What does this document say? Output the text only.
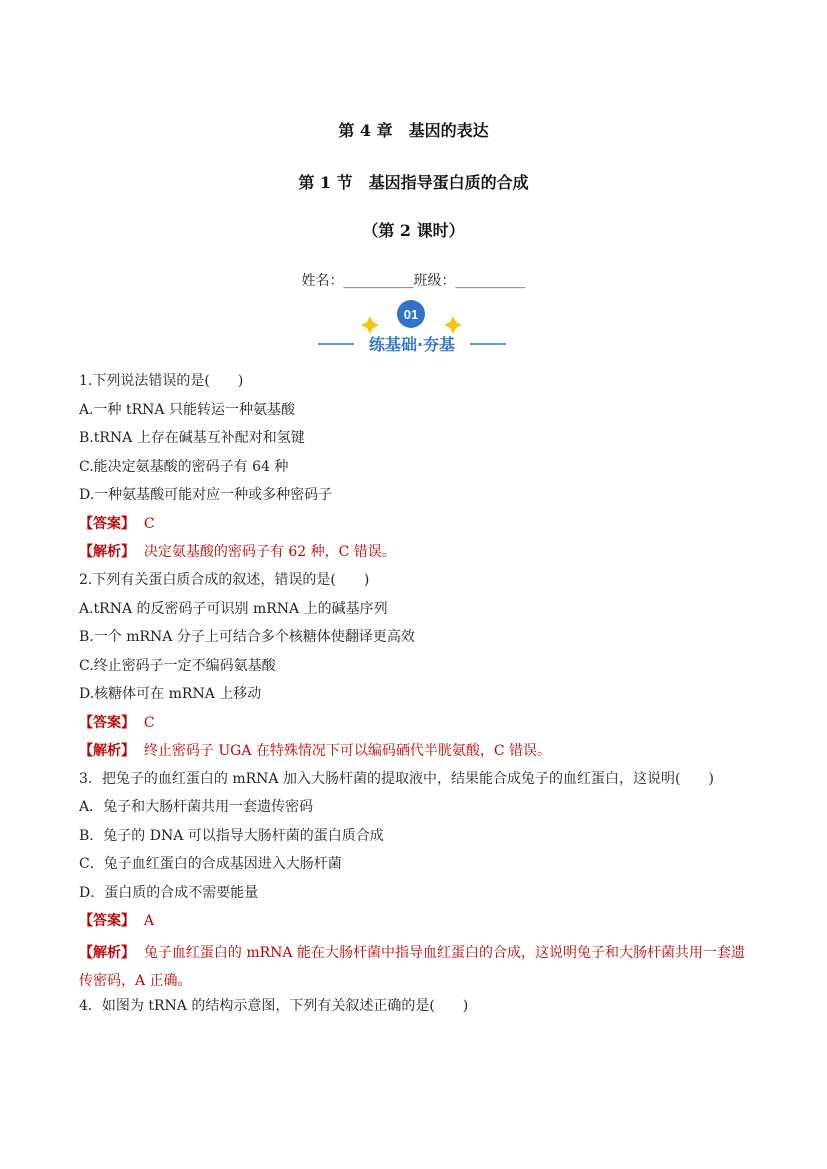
第 4 章　基因的表达
第 1 节　基因指导蛋白质的合成
（第 2 课时）
姓名：__________班级：__________
01
练基础·夯基
1.下列说法错误的是(　　)
A.一种 tRNA 只能转运一种氨基酸
B.tRNA 上存在碱基互补配对和氢键
C.能决定氨基酸的密码子有 64 种
D.一种氨基酸可能对应一种或多种密码子
【答案】 C
【解析】 决定氨基酸的密码子有 62 种，C 错误。
2.下列有关蛋白质合成的叙述，错误的是(　　)
A.tRNA 的反密码子可识别 mRNA 上的碱基序列
B.一个 mRNA 分子上可结合多个核糖体使翻译更高效
C.终止密码子一定不编码氨基酸
D.核糖体可在 mRNA 上移动
【答案】 C
【解析】 终止密码子 UGA 在特殊情况下可以编码硒代半胱氨酸，C 错误。
3．把兔子的血红蛋白的 mRNA 加入大肠杆菌的提取液中，结果能合成兔子的血红蛋白，这说明(　　)
A．兔子和大肠杆菌共用一套遗传密码
B．兔子的 DNA 可以指导大肠杆菌的蛋白质合成
C．兔子血红蛋白的合成基因进入大肠杆菌
D．蛋白质的合成不需要能量
【答案】 A
【解析】 兔子血红蛋白的 mRNA 能在大肠杆菌中指导血红蛋白的合成，这说明兔子和大肠杆菌共用一套遗传密码，A 正确。
4．如图为 tRNA 的结构示意图，下列有关叙述正确的是(　　)
